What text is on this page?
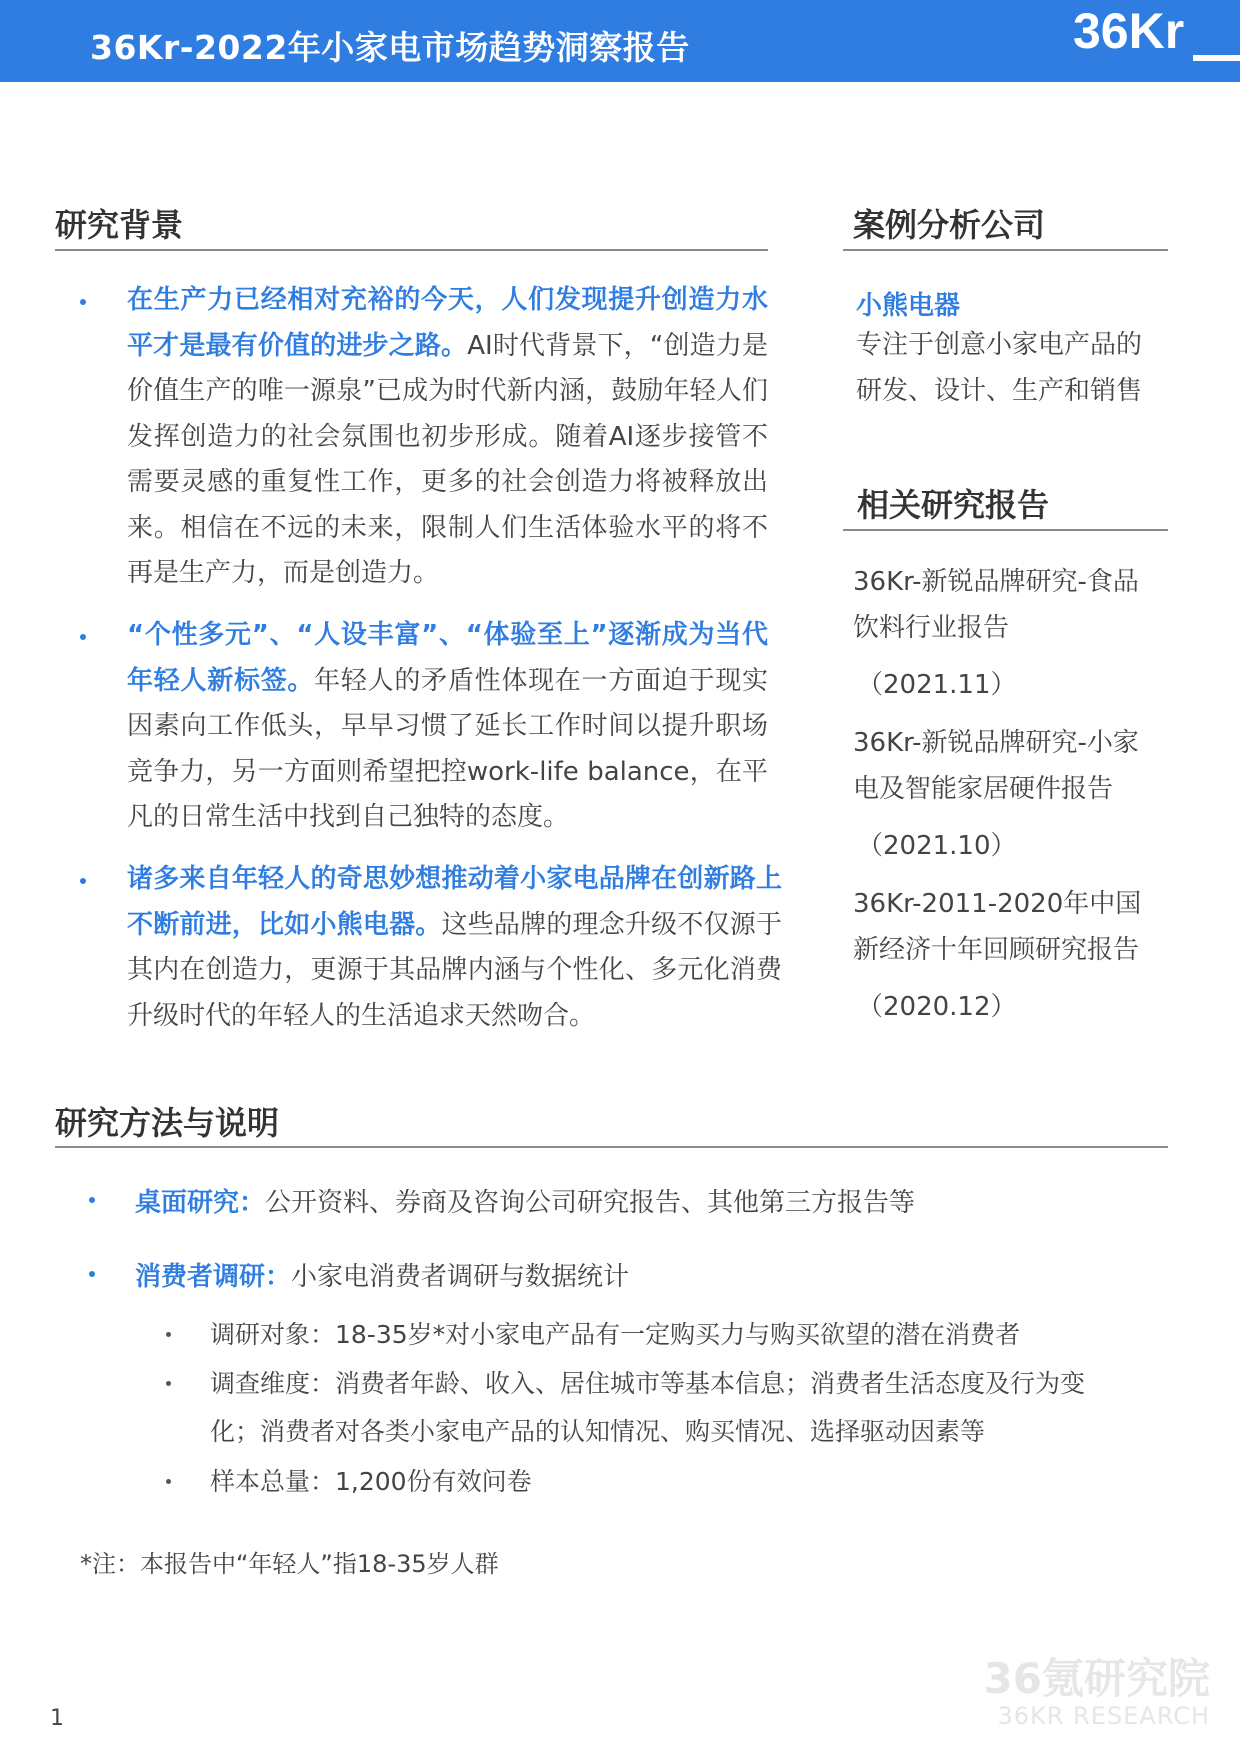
36Kr-2022年小家电市场趋势洞察报告	36Kr
研究背景
在生产力已经相对充裕的今天，人们发现提升创造力水平才是最有价值的进步之路。AI时代背景下，“创造力是价值生产的唯一源泉”已成为时代新内涵，鼓励年轻人们发挥创造力的社会氛围也初步形成。随着AI逐步接管不需要灵感的重复性工作，更多的社会创造力将被释放出来。相信在不远的未来，限制人们生活体验水平的将不再是生产力，而是创造力。
“个性多元”、“人设丰富”、“体验至上”逐渐成为当代年轻人新标签。年轻人的矛盾性体现在一方面迫于现实因素向工作低头，早早习惯了延长工作时间以提升职场竞争力，另一方面则希望把控work-life balance，在平凡的日常生活中找到自己独特的态度。
诸多来自年轻人的奇思妙想推动着小家电品牌在创新路上不断前进，比如小熊电器。这些品牌的理念升级不仅源于其内在创造力，更源于其品牌内涵与个性化、多元化消费升级时代的年轻人的生活追求天然吻合。
案例分析公司
小熊电器
专注于创意小家电产品的
研发、设计、生产和销售
相关研究报告
36Kr-新锐品牌研究-食品
饮料行业报告
（2021.11）
36Kr-新锐品牌研究-小家
电及智能家居硬件报告
（2021.10）
36Kr-2011-2020年中国
新经济十年回顾研究报告
（2020.12）
研究方法与说明
桌面研究：公开资料、券商及咨询公司研究报告、其他第三方报告等
消费者调研：小家电消费者调研与数据统计
调研对象：18-35岁*对小家电产品有一定购买力与购买欲望的潜在消费者
调查维度：消费者年龄、收入、居住城市等基本信息；消费者生活态度及行为变化；消费者对各类小家电产品的认知情况、购买情况、选择驱动因素等
样本总量：1,200份有效问卷
*注：本报告中“年轻人”指18-35岁人群
1
36氪研究院
36KR RESEARCH
